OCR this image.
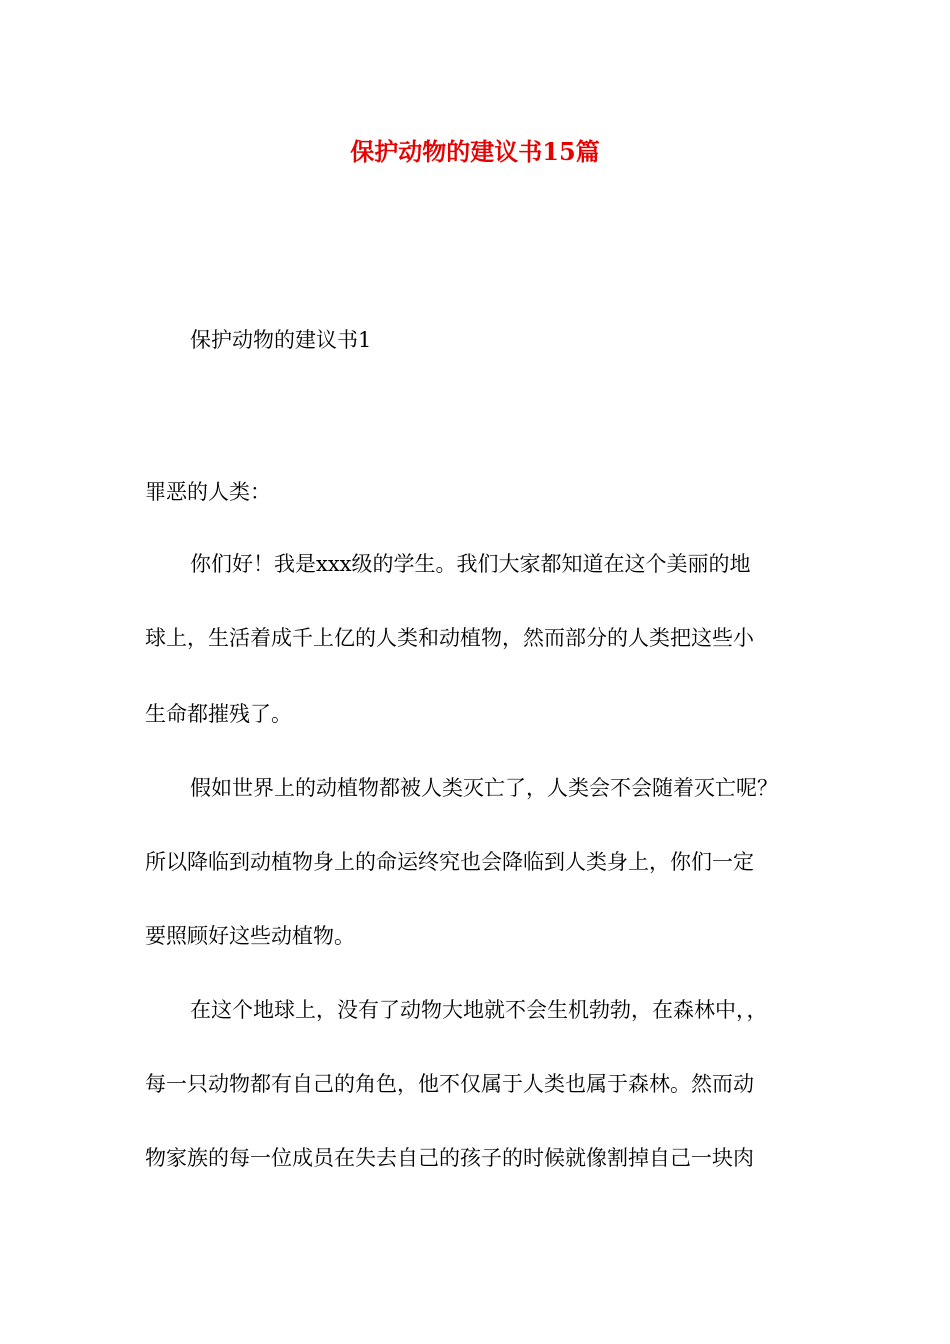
保护动物的建议书15篇
保护动物的建议书1
罪恶的人类：
你们好！我是xxx级的学生。我们大家都知道在这个美丽的地
球上，生活着成千上亿的人类和动植物，然而部分的人类把这些小
生命都摧残了。
假如世界上的动植物都被人类灭亡了，人类会不会随着灭亡呢？
所以降临到动植物身上的命运终究也会降临到人类身上，你们一定
要照顾好这些动植物。
在这个地球上，没有了动物大地就不会生机勃勃，在森林中，，
每一只动物都有自己的角色，他不仅属于人类也属于森林。然而动
物家族的每一位成员在失去自己的孩子的时候就像割掉自己一块肉
